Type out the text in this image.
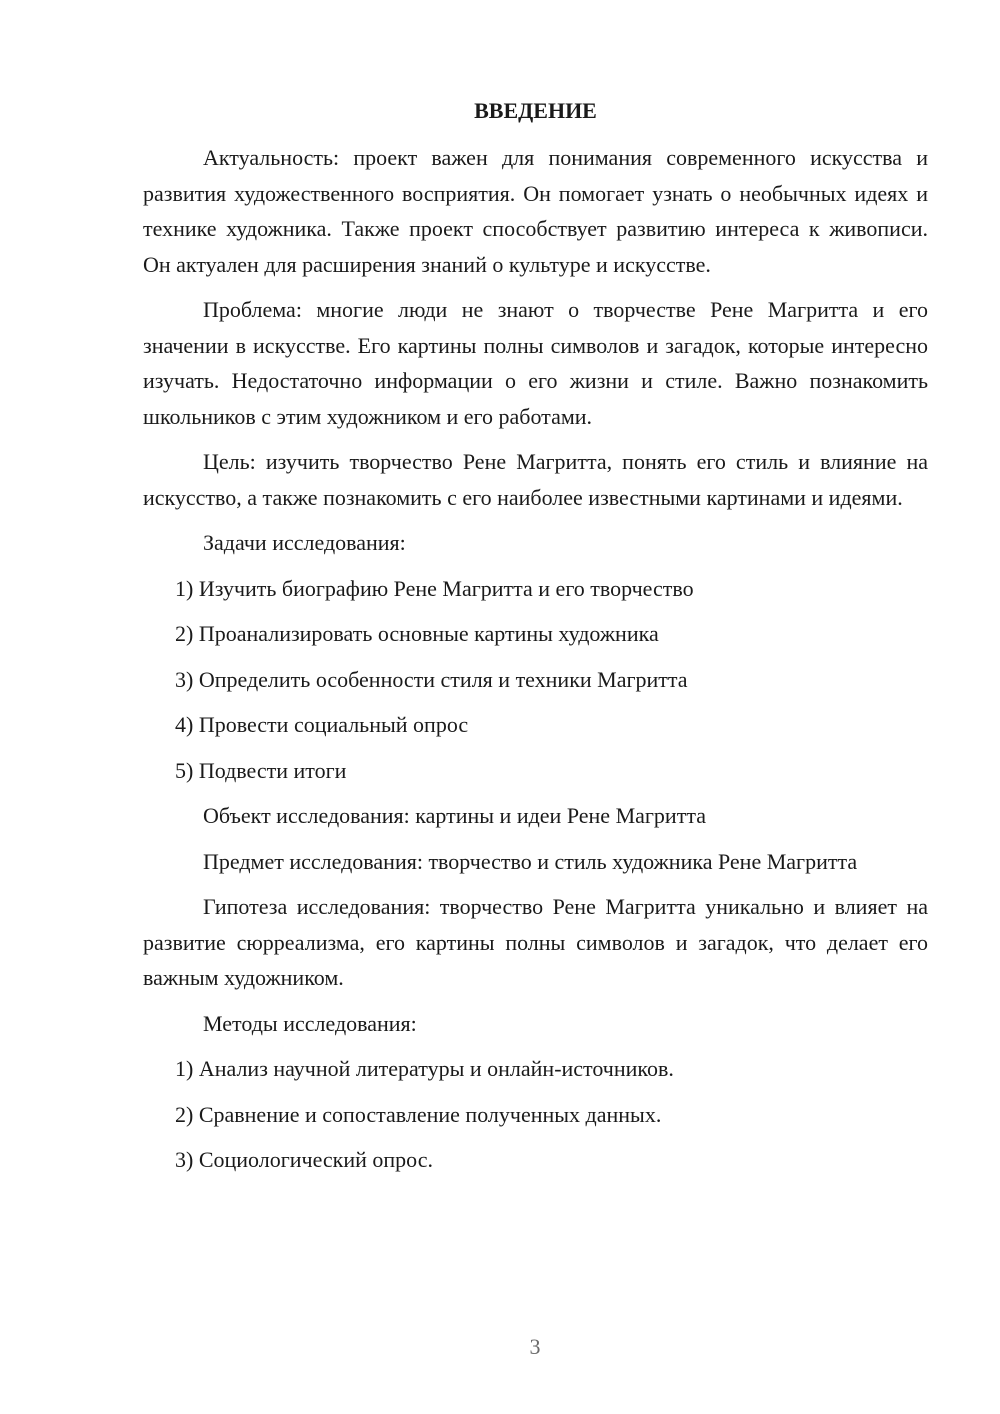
ВВЕДЕНИЕ

Актуальность: проект важен для понимания современного искусства и развития художественного восприятия. Он помогает узнать о необычных идеях и технике художника. Также проект способствует развитию интереса к живописи. Он актуален для расширения знаний о культуре и искусстве.

Проблема: многие люди не знают о творчестве Рене Магритта и его значении в искусстве. Его картины полны символов и загадок, которые интересно изучать. Недостаточно информации о его жизни и стиле. Важно познакомить школьников с этим художником и его работами.

Цель: изучить творчество Рене Магритта, понять его стиль и влияние на искусство, а также познакомить с его наиболее известными картинами и идеями.

Задачи исследования:
1) Изучить биографию Рене Магритта и его творчество
2) Проанализировать основные картины художника
3) Определить особенности стиля и техники Магритта
4) Провести социальный опрос
5) Подвести итоги
Объект исследования: картины и идеи Рене Магритта

Предмет исследования: творчество и стиль художника Рене Магритта

Гипотеза исследования: творчество Рене Магритта уникально и влияет на развитие сюрреализма, его картины полны символов и загадок, что делает его важным художником.

Методы исследования:
1) Анализ научной литературы и онлайн-источников.
2) Сравнение и сопоставление полученных данных.
3) Социологический опрос.
3
